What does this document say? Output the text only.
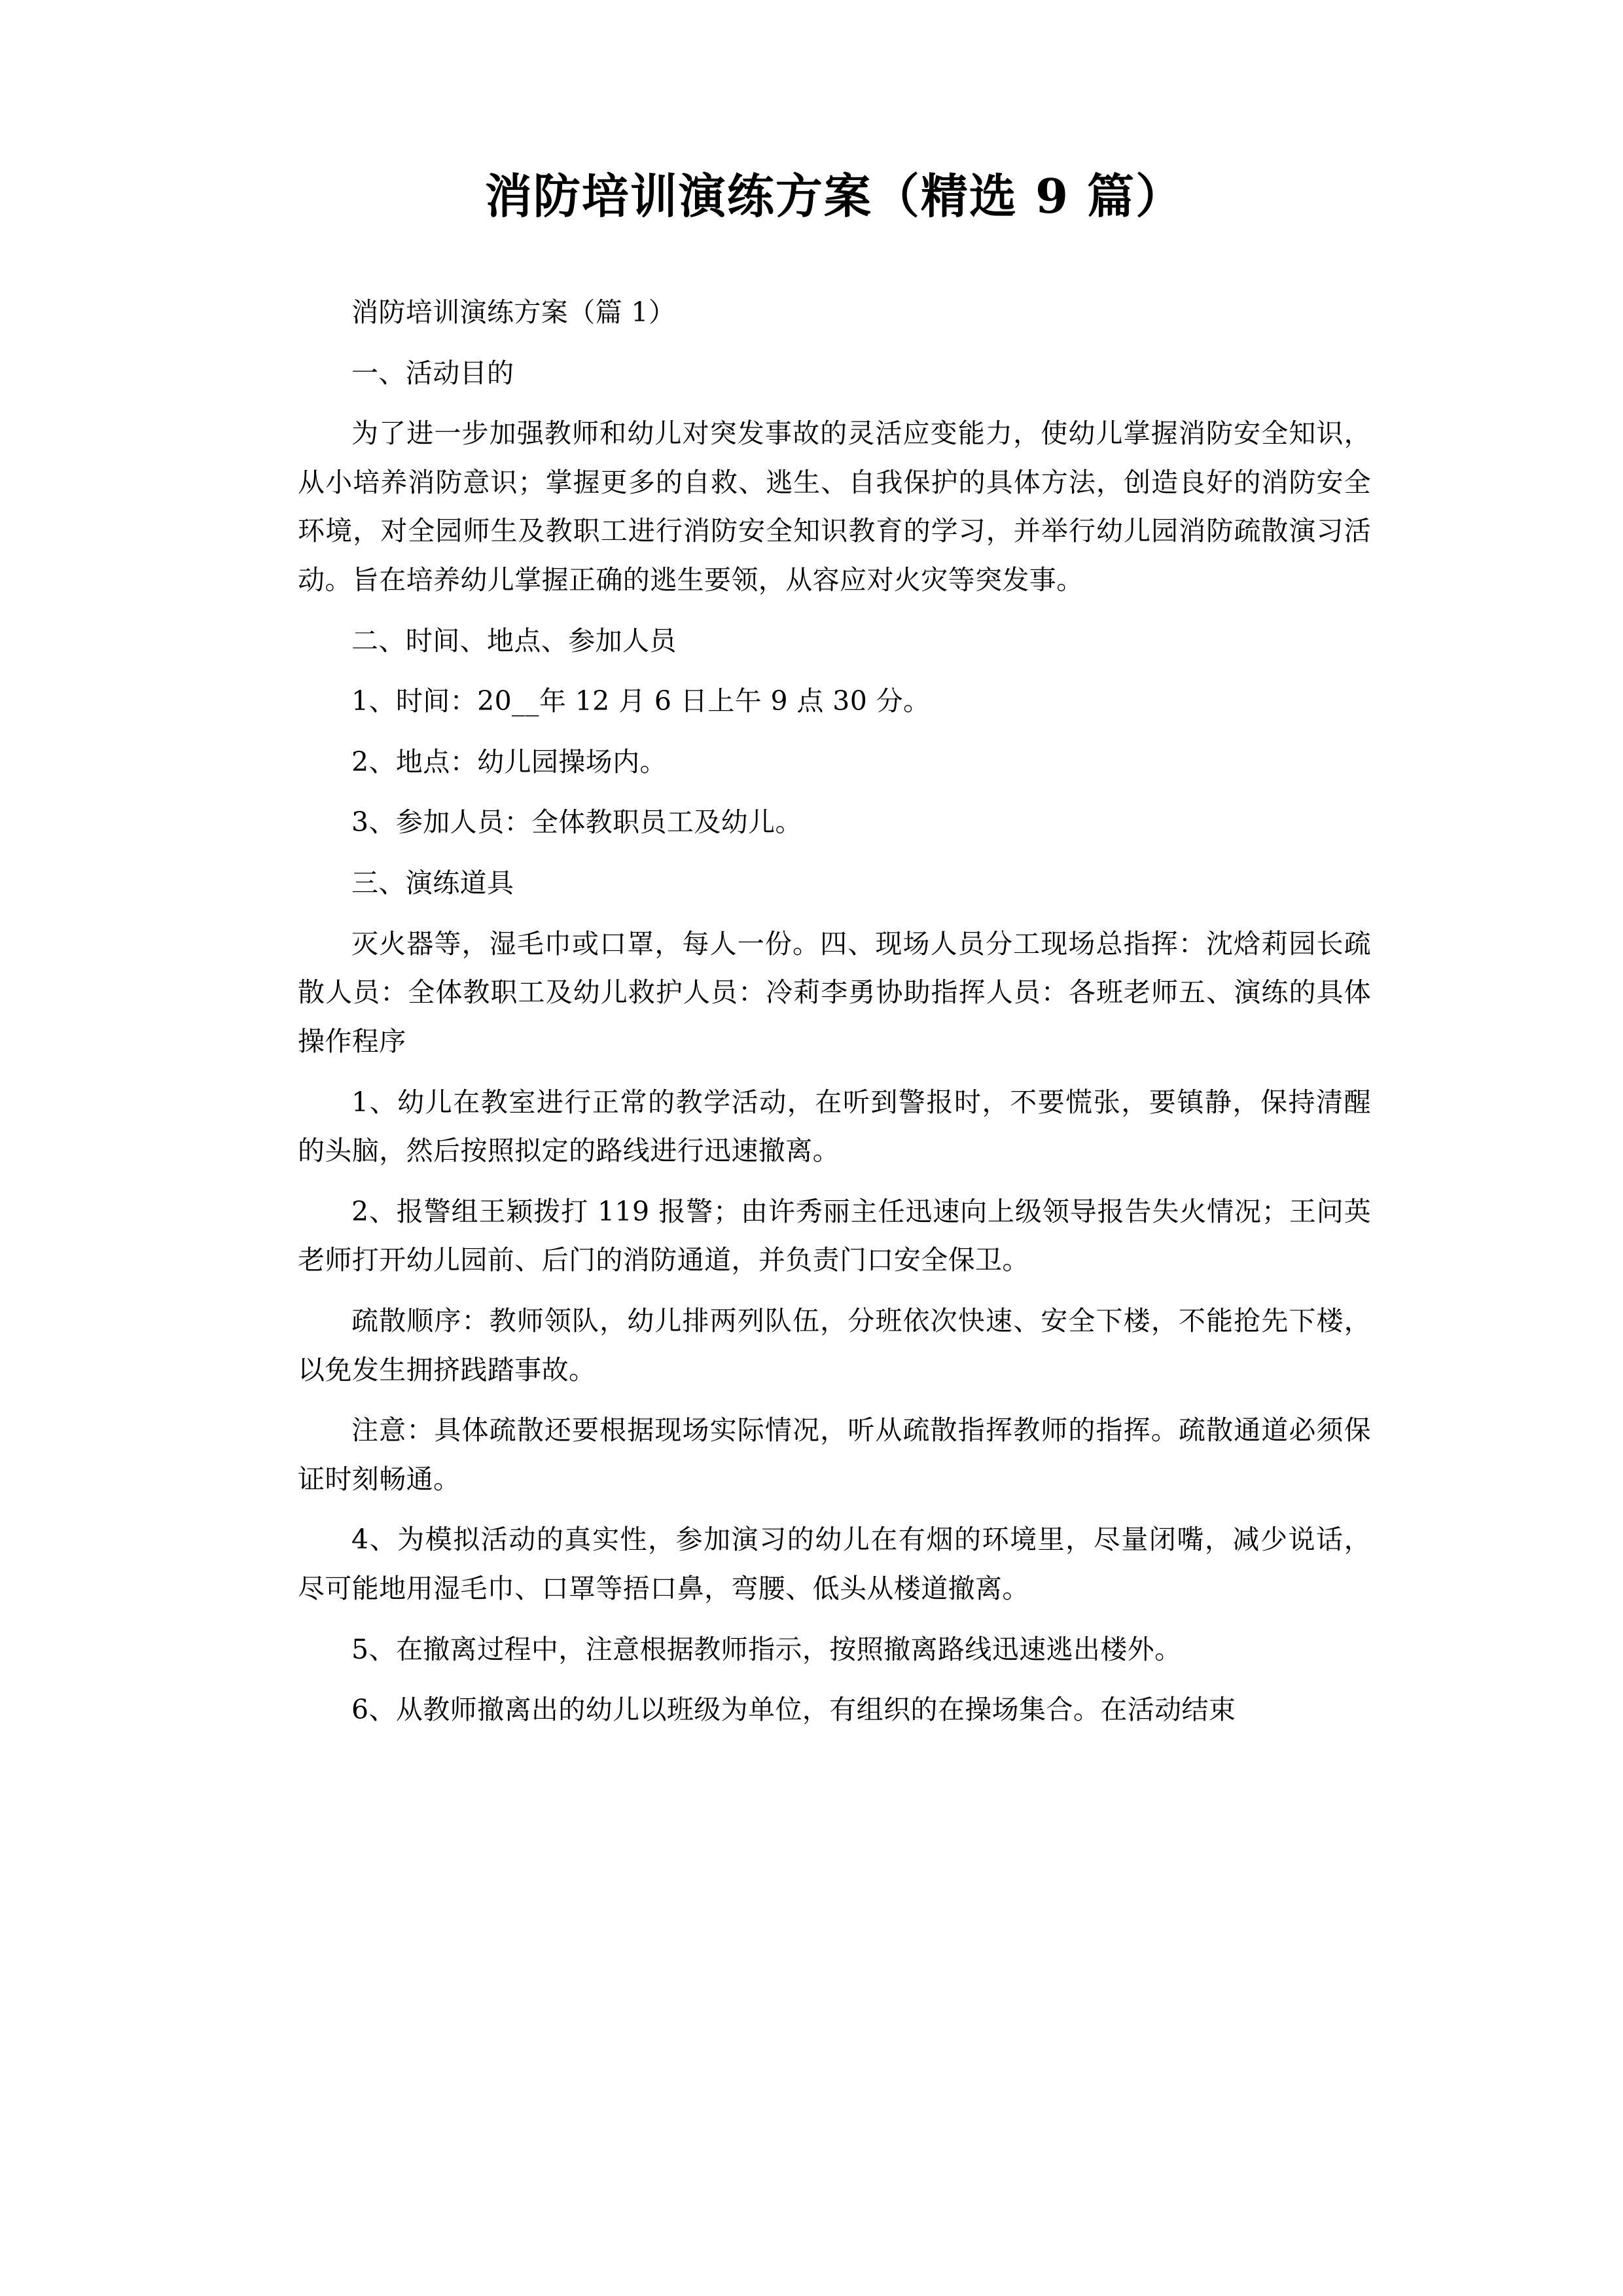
消防培训演练方案（精选 9 篇）

消防培训演练方案（篇 1）

一、活动目的

为了进一步加强教师和幼儿对突发事故的灵活应变能力，使幼儿掌握消防安全知识，从小培养消防意识；掌握更多的自救、逃生、自我保护的具体方法，创造良好的消防安全环境，对全园师生及教职工进行消防安全知识教育的学习，并举行幼儿园消防疏散演习活动。旨在培养幼儿掌握正确的逃生要领，从容应对火灾等突发事。

二、时间、地点、参加人员

1、时间：20__年 12 月 6 日上午 9 点 30 分。

2、地点：幼儿园操场内。

3、参加人员：全体教职员工及幼儿。

三、演练道具

灭火器等，湿毛巾或口罩，每人一份。四、现场人员分工现场总指挥：沈焓莉园长疏散人员：全体教职工及幼儿救护人员：冷莉李勇协助指挥人员：各班老师五、演练的具体操作程序

1、幼儿在教室进行正常的教学活动，在听到警报时，不要慌张，要镇静，保持清醒的头脑，然后按照拟定的路线进行迅速撤离。

2、报警组王颖拨打 119 报警；由许秀丽主任迅速向上级领导报告失火情况；王问英老师打开幼儿园前、后门的消防通道，并负责门口安全保卫。

疏散顺序：教师领队，幼儿排两列队伍，分班依次快速、安全下楼，不能抢先下楼，以免发生拥挤践踏事故。

注意：具体疏散还要根据现场实际情况，听从疏散指挥教师的指挥。疏散通道必须保证时刻畅通。

4、为模拟活动的真实性，参加演习的幼儿在有烟的环境里，尽量闭嘴，减少说话，尽可能地用湿毛巾、口罩等捂口鼻，弯腰、低头从楼道撤离。

5、在撤离过程中，注意根据教师指示，按照撤离路线迅速逃出楼外。

6、从教师撤离出的幼儿以班级为单位，有组织的在操场集合。在活动结束
